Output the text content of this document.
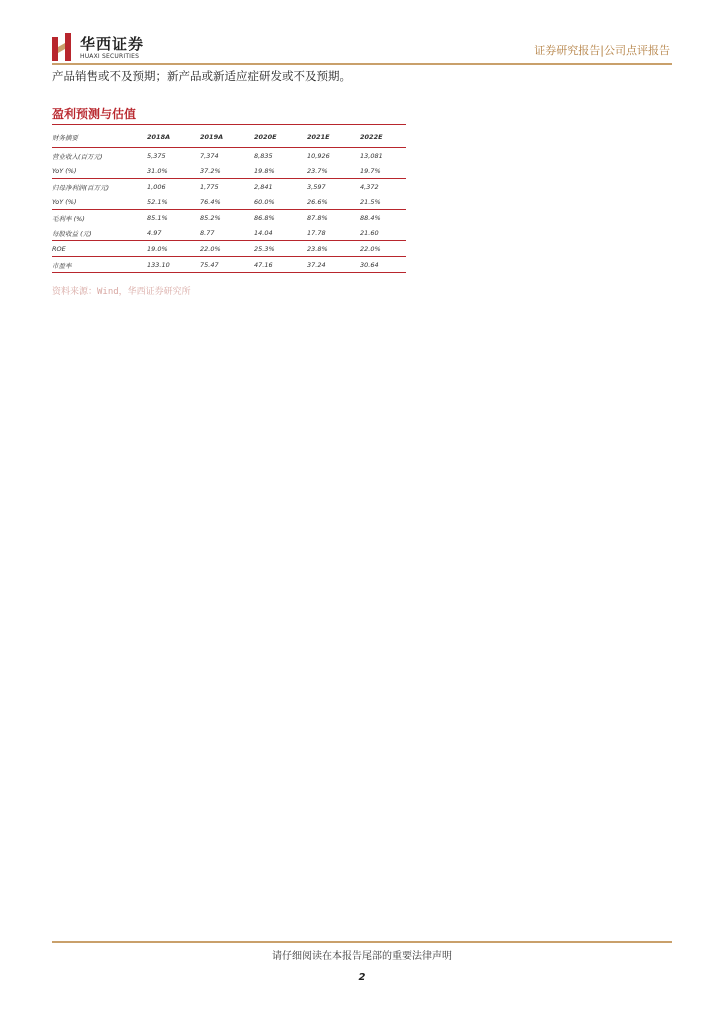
华西证券
HUAXI SECURITIES	证券研究报告|公司点评报告
产品销售或不及预期；新产品或新适应症研发或不及预期。
盈利预测与估值
财务摘要	2018A	2019A	2020E	2021E	2022E
营业收入(百万元)	5,375	7,374	8,835	10,926	13,081
YoY (%)	31.0%	37.2%	19.8%	23.7%	19.7%
归母净利润(百万元)	1,006	1,775	2,841	3,597	4,372
YoY (%)	52.1%	76.4%	60.0%	26.6%	21.5%
毛利率 (%)	85.1%	85.2%	86.8%	87.8%	88.4%
每股收益 (元)	4.97	8.77	14.04	17.78	21.60
ROE	19.0%	22.0%	25.3%	23.8%	22.0%
市盈率	133.10	75.47	47.16	37.24	30.64
资料来源：Wind，华西证券研究所
请仔细阅读在本报告尾部的重要法律声明
2
